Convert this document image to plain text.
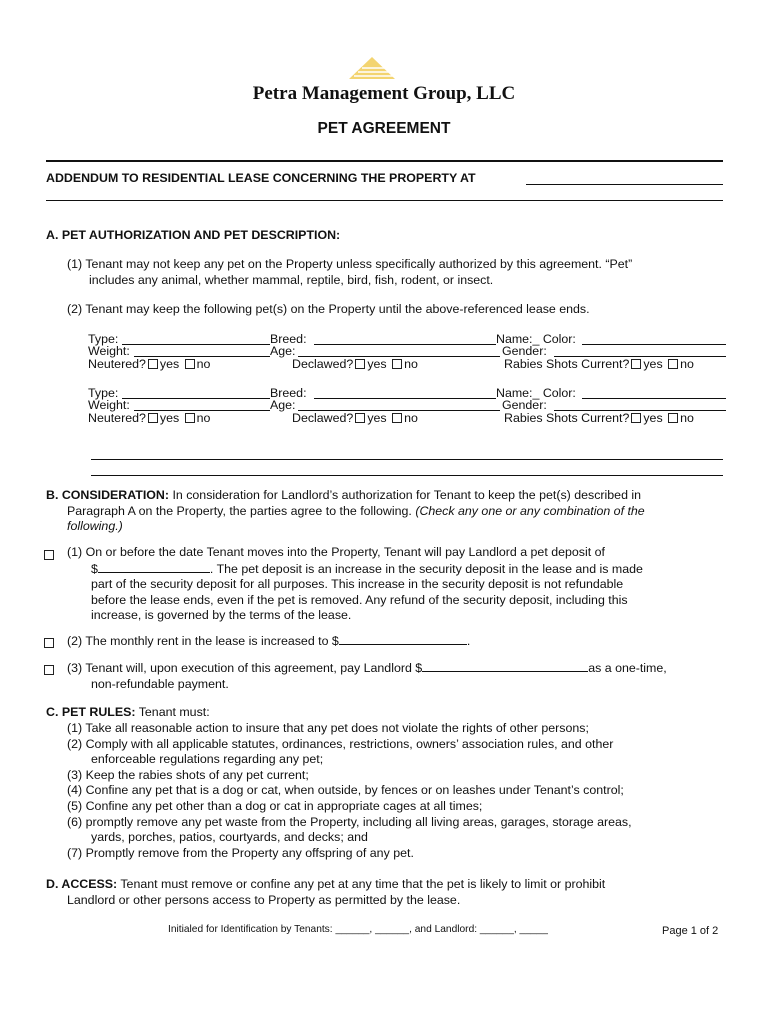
Petra Management Group, LLC
PET AGREEMENT
ADDENDUM TO RESIDENTIAL LEASE CONCERNING THE PROPERTY AT
A. PET AUTHORIZATION AND PET DESCRIPTION:
(1) Tenant may not keep any pet on the Property unless specifically authorized by this agreement. “Pet”
includes any animal, whether mammal, reptile, bird, fish, rodent, or insect.
(2) Tenant may keep the following pet(s) on the Property until the above-referenced lease ends.
Type:	Breed:	Name:_ Color:
Weight:	Age:	Gender:
Neutered? yes no	Declawed? yes no	Rabies Shots Current? yes no
Type:	Breed:	Name:_ Color:
Weight:	Age:	Gender:
Neutered? yes no	Declawed? yes no	Rabies Shots Current? yes no
B. CONSIDERATION: In consideration for Landlord’s authorization for Tenant to keep the pet(s) described in
Paragraph A on the Property, the parties agree to the following. (Check any one or any combination of the
following.)
(1) On or before the date Tenant moves into the Property, Tenant will pay Landlord a pet deposit of
$	. The pet deposit is an increase in the security deposit in the lease and is made
part of the security deposit for all purposes. This increase in the security deposit is not refundable
before the lease ends, even if the pet is removed. Any refund of the security deposit, including this
increase, is governed by the terms of the lease.
(2) The monthly rent in the lease is increased to $	.
(3) Tenant will, upon execution of this agreement, pay Landlord $	as a one-time,
non-refundable payment.
C. PET RULES: Tenant must:
(1) Take all reasonable action to insure that any pet does not violate the rights of other persons;
(2) Comply with all applicable statutes, ordinances, restrictions, owners’ association rules, and other
enforceable regulations regarding any pet;
(3) Keep the rabies shots of any pet current;
(4) Confine any pet that is a dog or cat, when outside, by fences or on leashes under Tenant’s control;
(5) Confine any pet other than a dog or cat in appropriate cages at all times;
(6) promptly remove any pet waste from the Property, including all living areas, garages, storage areas,
yards, porches, patios, courtyards, and decks; and
(7) Promptly remove from the Property any offspring of any pet.
D. ACCESS: Tenant must remove or confine any pet at any time that the pet is likely to limit or prohibit
Landlord or other persons access to Property as permitted by the lease.
Initialed for Identification by Tenants: ______, ______, and Landlord: ______, _____	Page 1 of 2
